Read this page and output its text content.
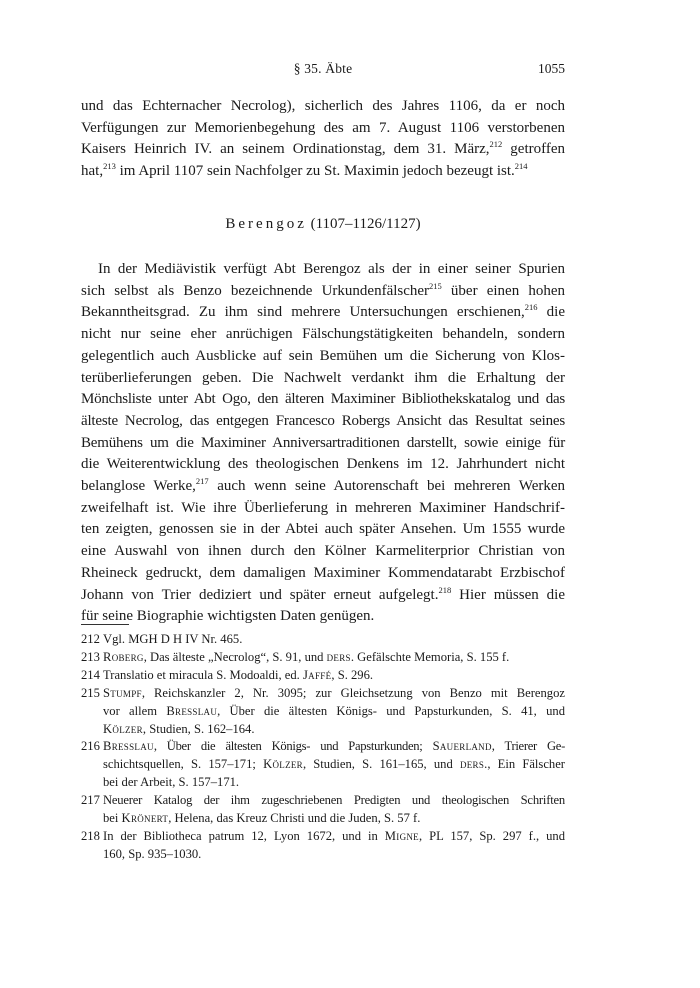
§ 35. Äbte	1055
und das Echternacher Necrolog), sicherlich des Jahres 1106, da er noch
Verfügungen zur Memorienbegehung des am 7. August 1106 verstorbenen
Kaisers Heinrich IV. an seinem Ordinationstag, dem 31. März,$^{212}$ getroffen
hat,$^{213}$ im April 1107 sein Nachfolger zu St. Maximin jedoch bezeugt ist.$^{214}$
Berengoz (1107–1126/1127)
In der Mediävistik verfügt Abt Berengoz als der in einer seiner Spurien
sich selbst als Benzo bezeichnende Urkundenfälscher$^{215}$ über einen hohen
Bekanntheitsgrad. Zu ihm sind mehrere Untersuchungen erschienen,$^{216}$ die
nicht nur seine eher anrüchigen Fälschungstätigkeiten behandeln, sondern
gelegentlich auch Ausblicke auf sein Bemühen um die Sicherung von Klos-
terüberlieferungen geben. Die Nachwelt verdankt ihm die Erhaltung der
Mönchsliste unter Abt Ogo, den älteren Maximiner Bibliothekskatalog und das
älteste Necrolog, das entgegen Francesco Robergs Ansicht das Resultat seines
Bemühens um die Maximiner Anniversartraditionen darstellt, sowie einige für
die Weiterentwicklung des theologischen Denkens im 12. Jahrhundert nicht
belanglose Werke,$^{217}$ auch wenn seine Autorenschaft bei mehreren Werken
zweifelhaft ist. Wie ihre Überlieferung in mehreren Maximiner Handschrif-
ten zeigten, genossen sie in der Abtei auch später Ansehen. Um 1555 wurde
eine Auswahl von ihnen durch den Kölner Karmeliterprior Christian von
Rheineck gedruckt, dem damaligen Maximiner Kommendatarabt Erzbischof
Johann von Trier dediziert und später erneut aufgelegt.$^{218}$ Hier müssen die
für seine Biographie wichtigsten Daten genügen.
212 Vgl. MGH D H IV Nr. 465.
213 Roberg, Das älteste „Necrolog“, S. 91, und ders. Gefälschte Memoria, S. 155 f.
214 Translatio et miracula S. Modoaldi, ed. Jaffé, S. 296.
215 Stumpf, Reichskanzler 2, Nr. 3095; zur Gleichsetzung von Benzo mit Berengoz
vor allem Bresslau, Über die ältesten Königs- und Papsturkunden, S. 41, und
Kölzer, Studien, S. 162–164.
216 Bresslau, Über die ältesten Königs- und Papsturkunden; Sauerland, Trierer Ge-
schichtsquellen, S. 157–171; Kölzer, Studien, S. 161–165, und ders., Ein Fälscher
bei der Arbeit, S. 157–171.
217 Neuerer Katalog der ihm zugeschriebenen Predigten und theologischen Schriften
bei Krönert, Helena, das Kreuz Christi und die Juden, S. 57 f.
218 In der Bibliotheca patrum 12, Lyon 1672, und in Migne, PL 157, Sp. 297 f., und
160, Sp. 935–1030.
